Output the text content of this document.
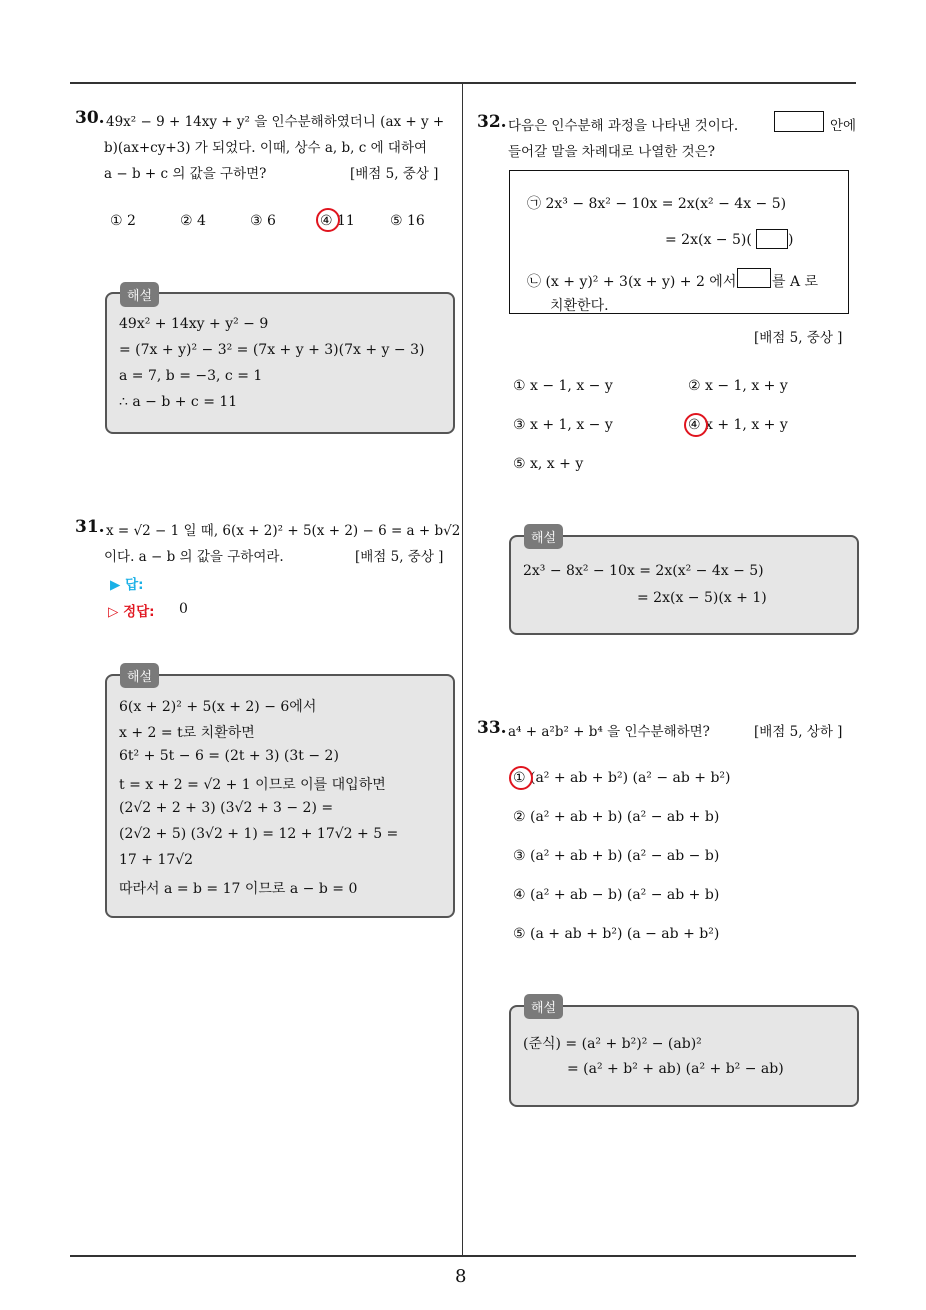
8
30. 49x² − 9 + 14xy + y² 을 인수분해하였더니 (ax + y +
b)(ax+cy+3) 가 되었다. 이때, 상수 a, b, c 에 대하여
a − b + c 의 값을 구하면?	[배점 5, 중상 ]
① 2	② 4	③ 6	④ 11	⑤ 16
49x² + 14xy + y² − 9
= (7x + y)² − 3² = (7x + y + 3)(7x + y − 3)
a = 7, b = −3, c = 1
∴ a − b + c = 11
해설
31. x = √2 − 1 일 때, 6(x + 2)² + 5(x + 2) − 6 = a + b√2
이다. a − b 의 값을 구하여라.	[배점 5, 중상 ]
▶ 답:
▷ 정답: 0
6(x + 2)² + 5(x + 2) − 6에서
x + 2 = t로 치환하면
6t² + 5t − 6 = (2t + 3) (3t − 2)
t = x + 2 = √2 + 1 이므로 이를 대입하면
(2√2 + 2 + 3) (3√2 + 3 − 2) =
(2√2 + 5) (3√2 + 1) = 12 + 17√2 + 5 =
17 + 17√2
따라서 a = b = 17 이므로 a − b = 0
해설
32. 다음은 인수분해 과정을 나타낸 것이다.	안에
들어갈 말을 차례대로 나열한 것은?
㉠ 2x³ − 8x² − 10x = 2x(x² − 4x − 5)
= 2x(x − 5)(	)
㉡ (x + y)² + 3(x + y) + 2 에서	를 A 로
치환한다.
[배점 5, 중상 ]
① x − 1, x − y	② x − 1, x + y
③ x + 1, x − y	④ x + 1, x + y
⑤ x, x + y
2x³ − 8x² − 10x = 2x(x² − 4x − 5)
= 2x(x − 5)(x + 1)
해설
33. a⁴ + a²b² + b⁴ 을 인수분해하면?	[배점 5, 상하 ]
① (a² + ab + b²) (a² − ab + b²)
② (a² + ab + b) (a² − ab + b)
③ (a² + ab + b) (a² − ab − b)
④ (a² + ab − b) (a² − ab + b)
⑤ (a + ab + b²) (a − ab + b²)
(준식) = (a² + b²)² − (ab)²
= (a² + b² + ab) (a² + b² − ab)
해설
